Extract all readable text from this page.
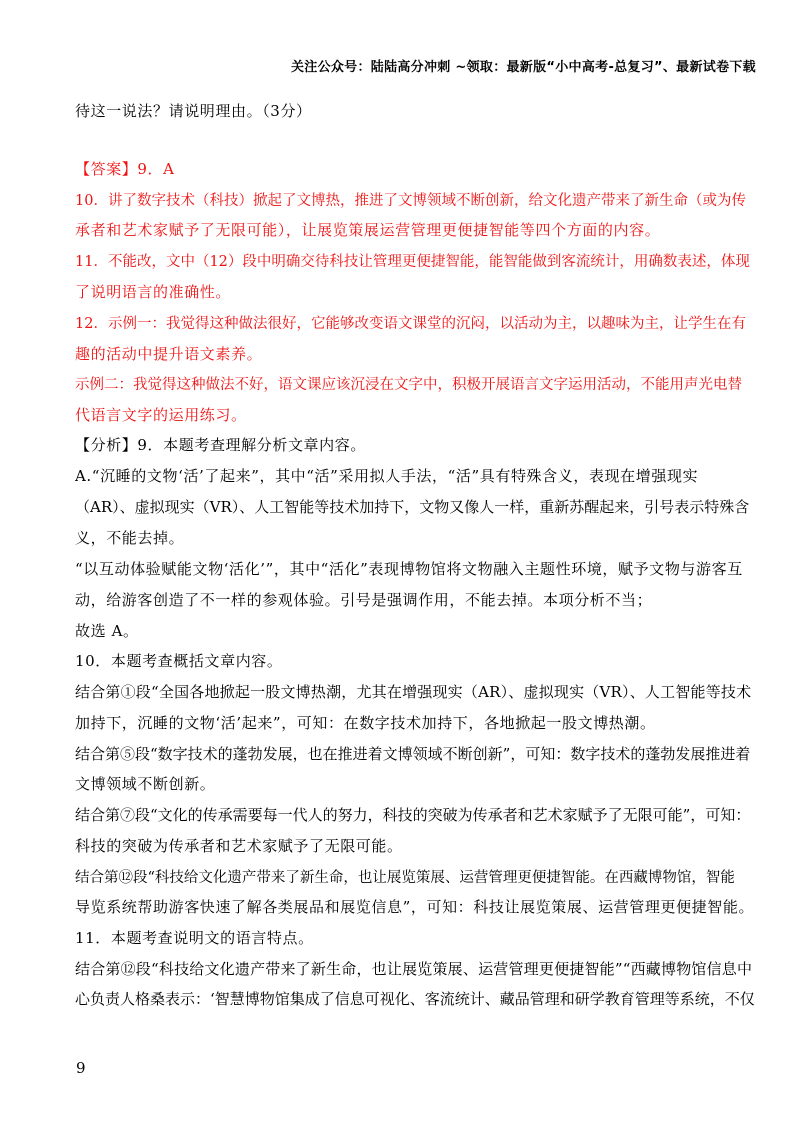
关注公众号：陆陆高分冲刺 ~领取：最新版“小中高考-总复习”、最新试卷下载
待这一说法？请说明理由。（3分）
【答案】9．A
10．讲了数字技术（科技）掀起了文博热，推进了文博领域不断创新，给文化遗产带来了新生命（或为传
承者和艺术家赋予了无限可能），让展览策展运营管理更便捷智能等四个方面的内容。
11．不能改，文中（12）段中明确交待科技让管理更便捷智能，能智能做到客流统计，用确数表述，体现
了说明语言的准确性。
12．示例一：我觉得这种做法很好，它能够改变语文课堂的沉闷，以活动为主，以趣味为主，让学生在有
趣的活动中提升语文素养。
示例二：我觉得这种做法不好，语文课应该沉浸在文字中，积极开展语言文字运用活动，不能用声光电替
代语言文字的运用练习。
【分析】9．本题考查理解分析文章内容。
A.“沉睡的文物‘活’了起来”，其中“活”采用拟人手法，“活”具有特殊含义，表现在增强现实
（AR）、虚拟现实（VR）、人工智能等技术加持下，文物又像人一样，重新苏醒起来，引号表示特殊含
义，不能去掉。
“以互动体验赋能文物‘活化’”，其中“活化”表现博物馆将文物融入主题性环境，赋予文物与游客互
动，给游客创造了不一样的参观体验。引号是强调作用，不能去掉。本项分析不当；
故选 A。
10．本题考查概括文章内容。
结合第①段“全国各地掀起一股文博热潮，尤其在增强现实（AR）、虚拟现实（VR）、人工智能等技术
加持下，沉睡的文物‘活’起来”，可知：在数字技术加持下，各地掀起一股文博热潮。
结合第⑤段“数字技术的蓬勃发展，也在推进着文博领域不断创新”，可知：数字技术的蓬勃发展推进着
文博领域不断创新。
结合第⑦段“文化的传承需要每一代人的努力，科技的突破为传承者和艺术家赋予了无限可能”，可知：
科技的突破为传承者和艺术家赋予了无限可能。
结合第⑫段“科技给文化遗产带来了新生命，也让展览策展、运营管理更便捷智能。在西藏博物馆，智能
导览系统帮助游客快速了解各类展品和展览信息”，可知：科技让展览策展、运营管理更便捷智能。
11．本题考查说明文的语言特点。
结合第⑫段“科技给文化遗产带来了新生命，也让展览策展、运营管理更便捷智能”“西藏博物馆信息中
心负责人格桑表示：‘智慧博物馆集成了信息可视化、客流统计、藏品管理和研学教育管理等系统，不仅
9
